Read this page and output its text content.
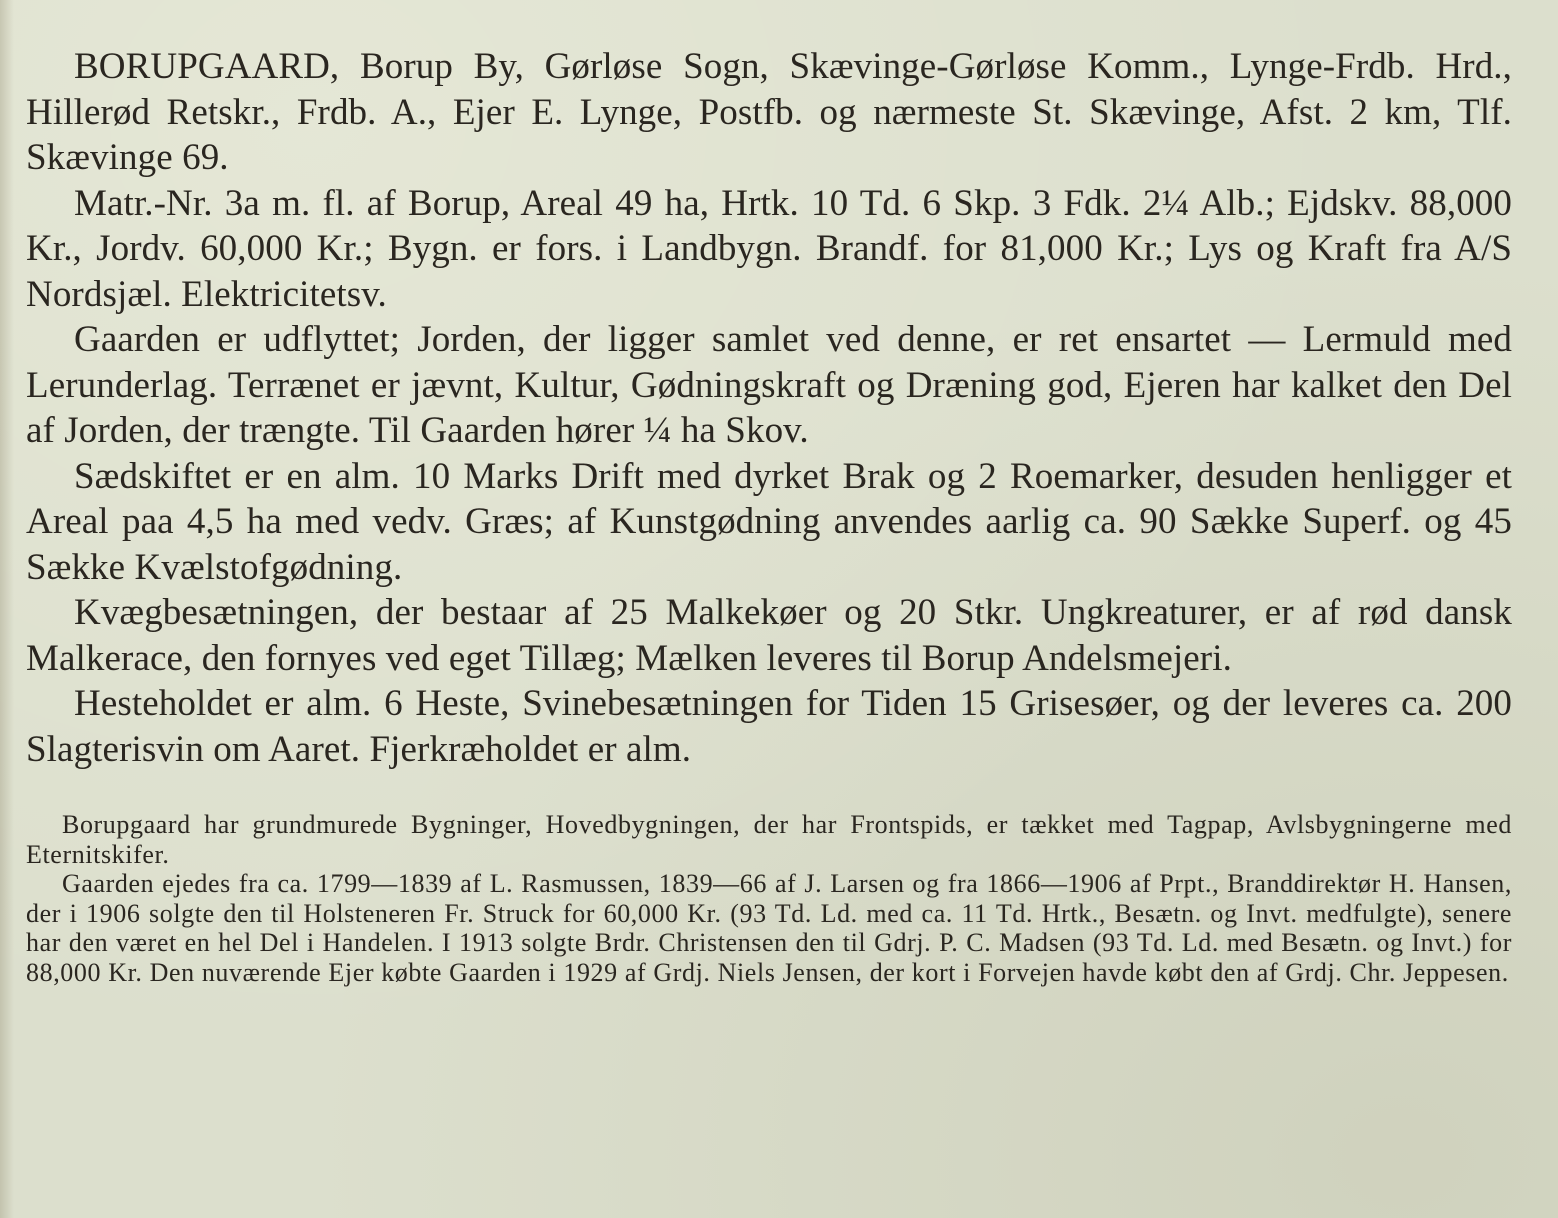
BORUPGAARD, Borup By, Gørløse Sogn, Skævinge-Gørløse Komm., Lynge-Frdb. Hrd., Hillerød Retskr., Frdb. A., Ejer E. Lynge, Postfb. og nærmeste St. Skævinge, Afst. 2 km, Tlf. Skævinge 69.

Matr.-Nr. 3a m. fl. af Borup, Areal 49 ha, Hrtk. 10 Td. 6 Skp. 3 Fdk. 2¼ Alb.; Ejdskv. 88,000 Kr., Jordv. 60,000 Kr.; Bygn. er fors. i Landbygn. Brandf. for 81,000 Kr.; Lys og Kraft fra A/S Nordsjæl. Elektricitetsv.

Gaarden er udflyttet; Jorden, der ligger samlet ved denne, er ret ensartet — Lermuld med Lerunderlag. Terrænet er jævnt, Kultur, Gødningskraft og Dræning god, Ejeren har kalket den Del af Jorden, der trængte. Til Gaarden hører ¼ ha Skov.

Sædskiftet er en alm. 10 Marks Drift med dyrket Brak og 2 Roemarker, desuden henligger et Areal paa 4,5 ha med vedv. Græs; af Kunstgødning anvendes aarlig ca. 90 Sække Superf. og 45 Sække Kvælstofgødning.

Kvægbesætningen, der bestaar af 25 Malkekøer og 20 Stkr. Ungkreaturer, er af rød dansk Malkerace, den fornyes ved eget Tillæg; Mælken leveres til Borup Andelsmejeri.

Hesteholdet er alm. 6 Heste, Svinebesætningen for Tiden 15 Grisesøer, og der leveres ca. 200 Slagterisvin om Aaret. Fjerkræholdet er alm.

Borupgaard har grundmurede Bygninger, Hovedbygningen, der har Frontspids, er tækket med Tagpap, Avlsbygningerne med Eternitskifer.

Gaarden ejedes fra ca. 1799—1839 af L. Rasmussen, 1839—66 af J. Larsen og fra 1866—1906 af Prpt., Branddirektør H. Hansen, der i 1906 solgte den til Holsteneren Fr. Struck for 60,000 Kr. (93 Td. Ld. med ca. 11 Td. Hrtk., Besætn. og Invt. medfulgte), senere har den været en hel Del i Handelen. I 1913 solgte Brdr. Christensen den til Gdrj. P. C. Madsen (93 Td. Ld. med Besætn. og Invt.) for 88,000 Kr. Den nuværende Ejer købte Gaarden i 1929 af Grdj. Niels Jensen, der kort i Forvejen havde købt den af Grdj. Chr. Jeppesen.
